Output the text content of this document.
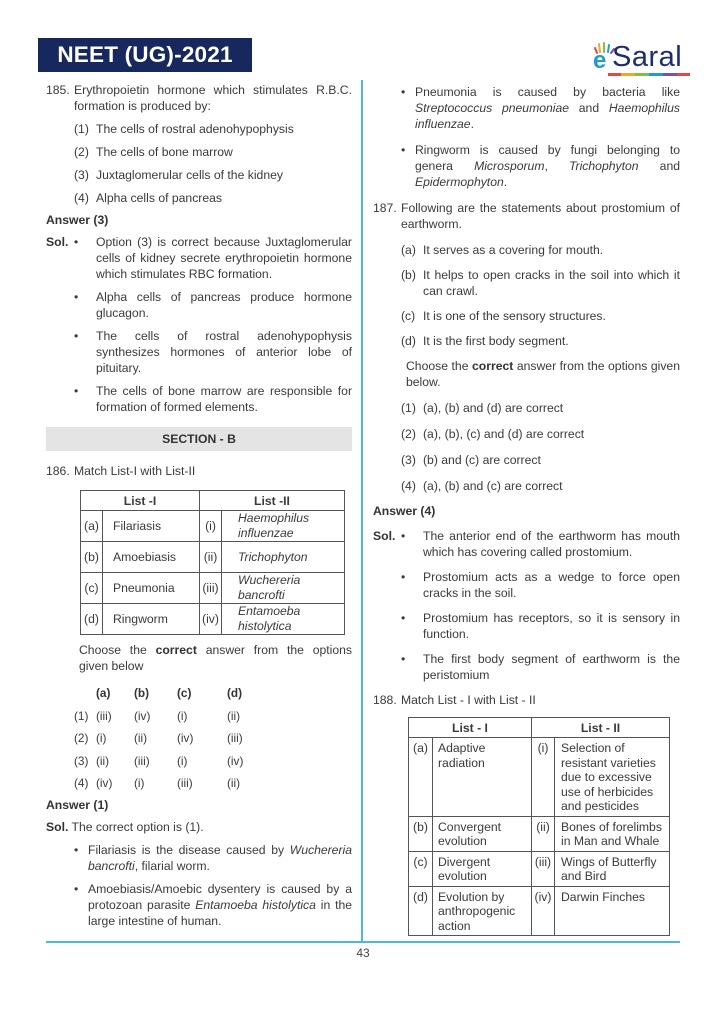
NEET (UG)-2021	e Saral
43
185. Erythropoietin hormone which stimulates R.B.C. formation is produced by:
(1) The cells of rostral adenohypophysis
(2) The cells of bone marrow
(3) Juxtaglomerular cells of the kidney
(4) Alpha cells of pancreas
Answer (3)
Sol. • Option (3) is correct because Juxtaglomerular cells of kidney secrete erythropoietin hormone which stimulates RBC formation.
• Alpha cells of pancreas produce hormone glucagon.
• The cells of rostral adenohypophysis synthesizes hormones of anterior lobe of pituitary.
• The cells of bone marrow are responsible for formation of formed elements.
SECTION - B
186. Match List-I with List-II
List -I		List -II	
(a)	Filariasis	(i)	Haemophilus
influenzae
(b)	Amoebiasis	(ii)	Trichophyton
(c)	Pneumonia	(iii)	Wuchereria
bancrofti
(d)	Ringworm	(iv)	Entamoeba
histolytica
Choose the correct answer from the options given below
(a)	(b)	(c)	(d)
(1) (iii)	(iv)	(i)	(ii)
(2) (i)	(ii)	(iv)	(iii)
(3) (ii)	(iii)	(i)	(iv)
(4) (iv)	(i)	(iii)	(ii)
Answer (1)
Sol. The correct option is (1).
• Filariasis is the disease caused by Wuchereria bancrofti, filarial worm.
• Amoebiasis/Amoebic dysentery is caused by a protozoan parasite Entamoeba histolytica in the large intestine of human.
• Pneumonia is caused by bacteria like Streptococcus pneumoniae and Haemophilus influenzae.
• Ringworm is caused by fungi belonging to genera Microsporum, Trichophyton and Epidermophyton.
187. Following are the statements about prostomium of earthworm.
(a) It serves as a covering for mouth.
(b) It helps to open cracks in the soil into which it can crawl.
(c) It is one of the sensory structures.
(d) It is the first body segment.
Choose the correct answer from the options given below.
(1) (a), (b) and (d) are correct
(2) (a), (b), (c) and (d) are correct
(3) (b) and (c) are correct
(4) (a), (b) and (c) are correct
Answer (4)
Sol. • The anterior end of the earthworm has mouth which has covering called prostomium.
• Prostomium acts as a wedge to force open cracks in the soil.
• Prostomium has receptors, so it is sensory in function.
• The first body segment of earthworm is the peristomium
188. Match List - I with List - II
List - I		List - II	
(a)	Adaptive radiation	(i)	Selection of resistant varieties due to excessive use of herbicides and pesticides
(b)	Convergent evolution	(ii)	Bones of forelimbs in Man and Whale
(c)	Divergent evolution	(iii)	Wings of Butterfly and Bird
(d)	Evolution by anthropogenic action	(iv)	Darwin Finches
